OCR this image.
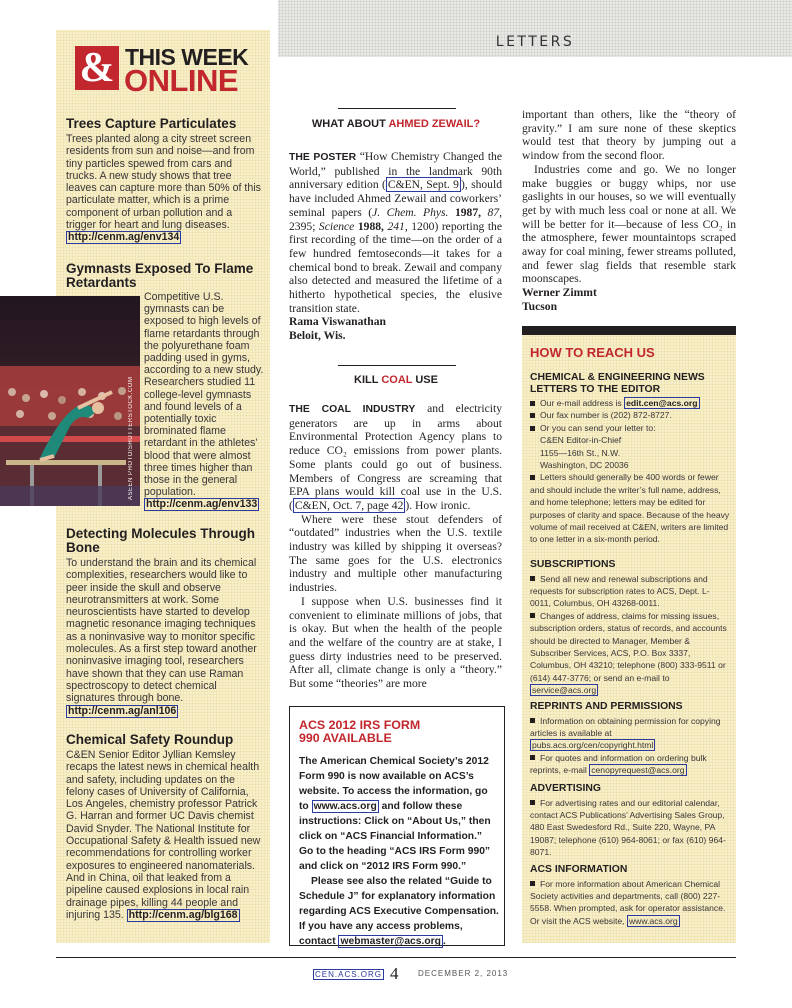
LETTERS
& THIS WEEK
ONLINE
Trees Capture Particulates

Trees planted along a city street screen residents from sun and noise—and from tiny particles spewed from cars and trucks. A new study shows that tree leaves can capture more than 50% of this particulate matter, which is a prime component of urban pollution and a trigger for heart and lung diseases. http://cenm.ag/env134

Gymnasts Exposed To Flame Retardants
Detecting Molecules Through Bone

To understand the brain and its chemical complexities, researchers would like to peer inside the skull and observe neurotransmitters at work. Some neuroscientists have started to develop magnetic resonance imaging techniques as a noninvasive way to monitor specific molecules. As a first step toward another noninvasive imaging tool, researchers have shown that they can use Raman spectroscopy to detect chemical signatures through bone. http://cenm.ag/anl106

Chemical Safety Roundup

C&EN Senior Editor Jyllian Kemsley recaps the latest news in chemical health and safety, including updates on the felony cases of University of California, Los Angeles, chemistry professor Patrick G. Harran and former UC Davis chemist David Snyder. The National Institute for Occupational Safety & Health issued new recommendations for controlling worker exposures to engineered nanomaterials. And in China, oil that leaked from a pipeline caused explosions in local rain drainage pipes, killing 44 people and injuring 135. http://cenm.ag/blg168

ASEEN PHOTO/SHUTTERSTOCK.COM
Competitive U.S. gymnasts can be exposed to high levels of flame retardants through the polyurethane foam padding used in gyms, according to a new study. Researchers studied 11 college-level gymnasts and found levels of a potentially toxic brominated flame retardant in the athletes’ blood that were almost three times higher than those in the general population. http://cenm.ag/env133
WHAT ABOUT AHMED ZEWAIL?

THE POSTER “How Chemistry Changed the World,” published in the landmark 90th anniversary edition ( C&EN, Sept. 9 ), should have included Ahmed Zewail and coworkers’ seminal papers (J. Chem. Phys. 1987, 87, 2395; Science 1988, 241, 1200) reporting the first recording of the time—on the order of a few hundred femtoseconds—it takes for a chemical bond to break. Zewail and company also detected and measured the lifetime of a hitherto hypothetical species, the elusive transition state.

Rama Viswanathan
Beloit, Wis.
KILL COAL USE

THE COAL INDUSTRY and electricity generators are up in arms about Environmental Protection Agency plans to reduce CO₂ emissions from power plants. Some plants could go out of business. Members of Congress are screaming that EPA plans would kill coal use in the U.S. ( C&EN, Oct. 7, page 42 ). How ironic.

Where were these stout defenders of “outdated” industries when the U.S. textile industry was killed by shipping it overseas? The same goes for the U.S. electronics industry and multiple other manufacturing industries.

I suppose when U.S. businesses find it convenient to eliminate millions of jobs, that is okay. But when the health of the people and the welfare of the country are at stake, I guess dirty industries need to be preserved. After all, climate change is only a “theory.” But some “theories” are more

important than others, like the “theory of gravity.” I am sure none of these skeptics would test that theory by jumping out a window from the second floor.

Industries come and go. We no longer make buggies or buggy whips, nor use gaslights in our houses, so we will eventually get by with much less coal or none at all. We will be better for it—because of less CO₂ in the atmosphere, fewer mountaintops scraped away for coal mining, fewer streams polluted, and fewer slag fields that resemble stark moonscapes.

Werner Zimmt
Tucson
ACS 2012 IRS FORM
990 AVAILABLE

The American Chemical Society’s 2012 Form 990 is now available on ACS’s website. To access the information, go to www.acs.org and follow these instructions: Click on “About Us,” then click on “ACS Financial Information.” Go to the heading “ACS IRS Form 990” and click on “2012 IRS Form 990.”

Please see also the related “Guide to Schedule J” for explanatory information regarding ACS Executive Compensation. If you have any access problems, contact webmaster@acs.org .

HOW TO REACH US
CHEMICAL & ENGINEERING NEWS LETTERS TO THE EDITOR

Our e-mail address is edit.cen@acs.org

Our fax number is (202) 872-8727.

Or you can send your letter to:

C&EN Editor-in-Chief

1155—16th St., N.W.

Washington, DC 20036

Letters should generally be 400 words or fewer and should include the writer’s full name, address, and home telephone; letters may be edited for purposes of clarity and space. Because of the heavy volume of mail received at C&EN, writers are limited to one letter in a six-month period.

SUBSCRIPTIONS

Send all new and renewal subscriptions and requests for subscription rates to ACS, Dept. L-0011, Columbus, OH 43268-0011.

Changes of address, claims for missing issues, subscription orders, status of records, and accounts should be directed to Manager, Member & Subscriber Services, ACS, P.O. Box 3337, Columbus, OH 43210; telephone (800) 333-9511 or (614) 447-3776; or send an e-mail to service@acs.org

REPRINTS AND PERMISSIONS

Information on obtaining permission for copying articles is available at pubs.acs.org/cen/copyright.html

For quotes and information on ordering bulk reprints, e-mail cenopyrequest@acs.org

ADVERTISING

For advertising rates and our editorial calendar, contact ACS Publications’ Advertising Sales Group, 480 East Swedesford Rd., Suite 220, Wayne, PA 19087; telephone (610) 964-8061; or fax (610) 964-8071.

ACS INFORMATION

For more information about American Chemical Society activities and departments, call (800) 227-5558. When prompted, ask for operator assistance. Or visit the ACS website, www.acs.org

CEN.ACS.ORG 4 DECEMBER 2, 2013
